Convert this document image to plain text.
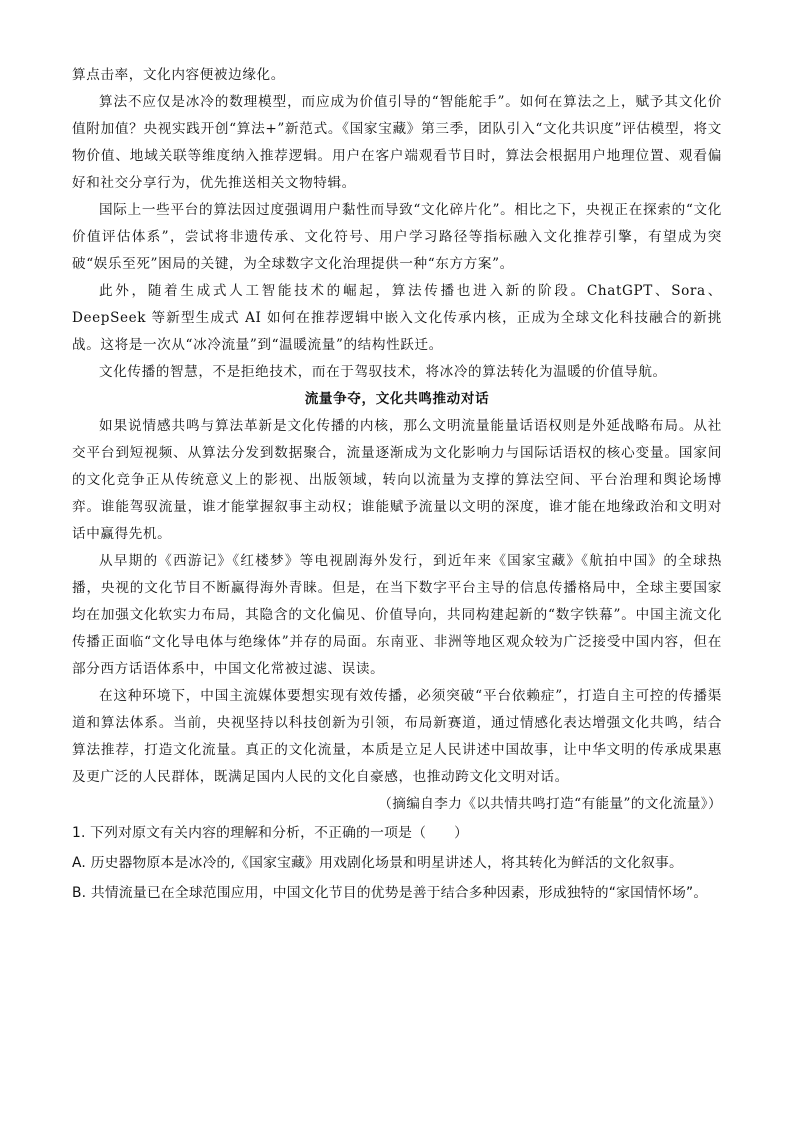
算点击率，文化内容便被边缘化。

算法不应仅是冰冷的数理模型，而应成为价值引导的“智能舵手”。如何在算法之上，赋予其文化价值附加值？央视实践开创“算法+”新范式。《国家宝藏》第三季，团队引入“文化共识度”评估模型，将文物价值、地域关联等维度纳入推荐逻辑。用户在客户端观看节目时，算法会根据用户地理位置、观看偏好和社交分享行为，优先推送相关文物特辑。

国际上一些平台的算法因过度强调用户黏性而导致“文化碎片化”。相比之下，央视正在探索的“文化价值评估体系”，尝试将非遗传承、文化符号、用户学习路径等指标融入文化推荐引擎，有望成为突破“娱乐至死”困局的关键，为全球数字文化治理提供一种“东方方案”。

此外，随着生成式人工智能技术的崛起，算法传播也进入新的阶段。ChatGPT、Sora、DeepSeek 等新型生成式 AI 如何在推荐逻辑中嵌入文化传承内核，正成为全球文化科技融合的新挑战。这将是一次从“冰冷流量”到“温暖流量”的结构性跃迁。

文化传播的智慧，不是拒绝技术，而在于驾驭技术，将冰冷的算法转化为温暖的价值导航。

流量争夺，文化共鸣推动对话

如果说情感共鸣与算法革新是文化传播的内核，那么文明流量能量话语权则是外延战略布局。从社交平台到短视频、从算法分发到数据聚合，流量逐渐成为文化影响力与国际话语权的核心变量。国家间的文化竞争正从传统意义上的影视、出版领域，转向以流量为支撑的算法空间、平台治理和舆论场博弈。谁能驾驭流量，谁才能掌握叙事主动权；谁能赋予流量以文明的深度，谁才能在地缘政治和文明对话中赢得先机。

从早期的《西游记》《红楼梦》等电视剧海外发行，到近年来《国家宝藏》《航拍中国》的全球热播，央视的文化节目不断赢得海外青睐。但是，在当下数字平台主导的信息传播格局中，全球主要国家均在加强文化软实力布局，其隐含的文化偏见、价值导向，共同构建起新的“数字铁幕”。中国主流文化传播正面临“文化导电体与绝缘体”并存的局面。东南亚、非洲等地区观众较为广泛接受中国内容，但在部分西方话语体系中，中国文化常被过滤、误读。

在这种环境下，中国主流媒体要想实现有效传播，必须突破“平台依赖症”，打造自主可控的传播渠道和算法体系。当前，央视坚持以科技创新为引领，布局新赛道，通过情感化表达增强文化共鸣，结合算法推荐，打造文化流量。真正的文化流量，本质是立足人民讲述中国故事，让中华文明的传承成果惠及更广泛的人民群体，既满足国内人民的文化自豪感，也推动跨文化文明对话。

（摘编自李力《以共情共鸣打造“有能量”的文化流量》）

1. 下列对原文有关内容的理解和分析，不正确的一项是（　　）

A. 历史器物原本是冰冷的,《国家宝藏》用戏剧化场景和明星讲述人，将其转化为鲜活的文化叙事。

B. 共情流量已在全球范围应用，中国文化节目的优势是善于结合多种因素，形成独特的“家国情怀场”。
